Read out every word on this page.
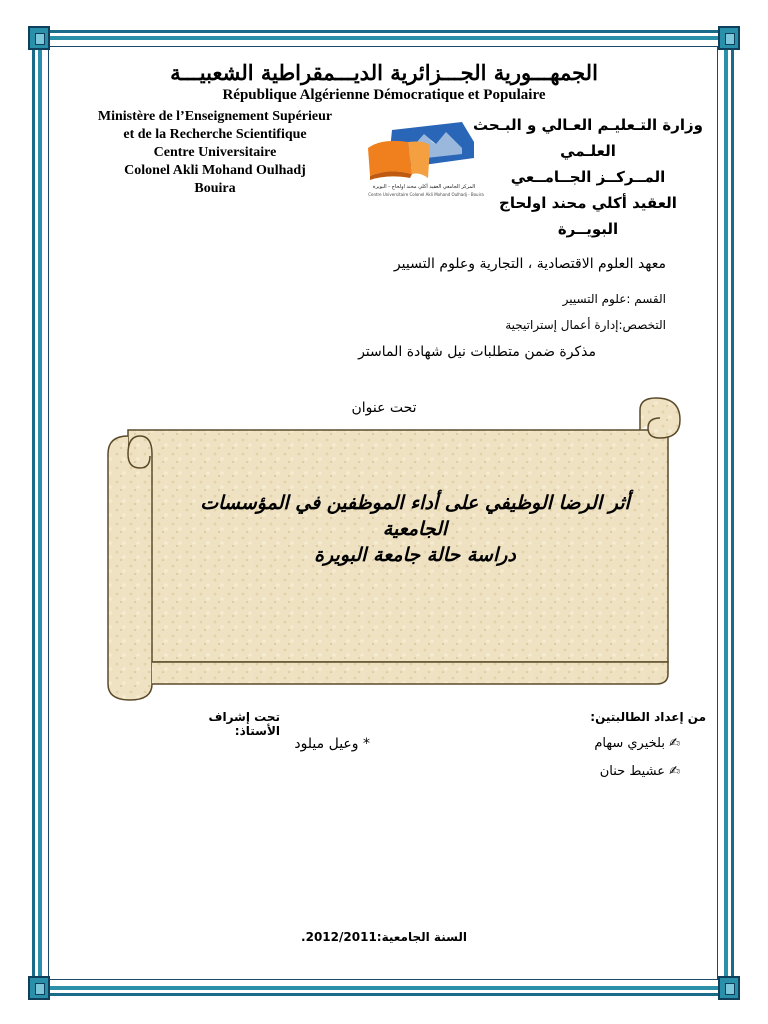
الجمهـــورية الجـــزائرية الديـــمقراطية الشعبيـــة
République Algérienne Démocratique et Populaire
Ministère de l’Enseignement Supérieur
et de la Recherche Scientifique
Centre Universitaire
Colonel Akli Mohand Oulhadj
Bouira	المركز الجامعي العقيد أكلي محند اولحاج - البويرة
Centre Universitaire Colonel Akli Mohand Oulhadj - Bouira
وزارة التـعليـم العـالي و البـحث
العلـمي
المــركــز الجــامــعي
العقيد أكلي محند اولحاج
البويــرة
معهد العلوم الاقتصادية ، التجارية وعلوم التسيير
القسم :علوم التسيير
التخصص:إدارة أعمال إستراتيجية
مذكرة ضمن متطلبات نيل شهادة الماستر
تحت عنوان
أثر الرضا الوظيفي على أداء الموظفين في المؤسسات
الجامعية
دراسة حالة جامعة البويرة
تحت إشراف الأستاذ:
* وعيل ميلود
من إعداد الطالبتين:
✍ بلخيري سهام
✍ عشيط حنان
السنة الجامعية:2012/2011.
